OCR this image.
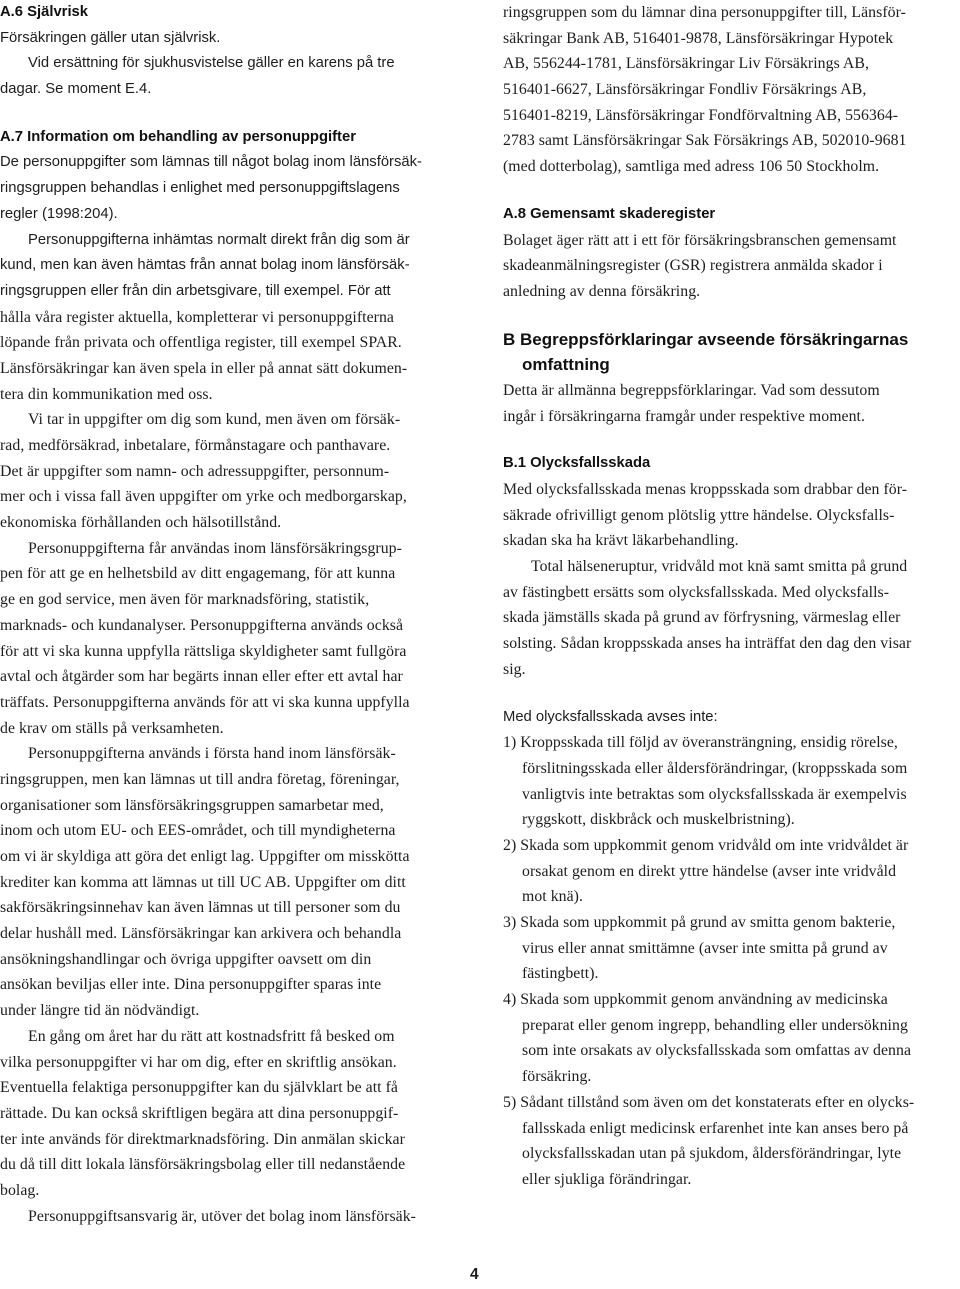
A.6 Självrisk
Försäkringen gäller utan självrisk.
Vid ersättning för sjukhusvistelse gäller en karens på tre
dagar. Se moment E.4.
A.7 Information om behandling av personuppgifter
De personuppgifter som lämnas till något bolag inom länsförsäk-
ringsgruppen behandlas i enlighet med personuppgiftslagens
regler (1998:204).
Personuppgifterna inhämtas normalt direkt från dig som är
kund, men kan även hämtas från annat bolag inom länsförsäk-
ringsgruppen eller från din arbetsgivare, till exempel. För att
hålla våra register aktuella, kompletterar vi personuppgifterna
löpande från privata och offentliga register, till exempel SPAR.
Länsförsäkringar kan även spela in eller på annat sätt dokumen-
tera din kommunikation med oss.
Vi tar in uppgifter om dig som kund, men även om försäk-
rad, medförsäkrad, inbetalare, förmånstagare och panthavare.
Det är uppgifter som namn- och adressuppgifter, personnum-
mer och i vissa fall även uppgifter om yrke och medborgarskap,
ekonomiska förhållanden och hälsotillstånd.
Personuppgifterna får användas inom länsförsäkringsgrup-
pen för att ge en helhetsbild av ditt engagemang, för att kunna
ge en god service, men även för marknadsföring, statistik,
marknads- och kundanalyser. Personuppgifterna används också
för att vi ska kunna uppfylla rättsliga skyldigheter samt fullgöra
avtal och åtgärder som har begärts innan eller efter ett avtal har
träffats. Personuppgifterna används för att vi ska kunna uppfylla
de krav om ställs på verksamheten.
Personuppgifterna används i första hand inom länsförsäk-
ringsgruppen, men kan lämnas ut till andra företag, föreningar,
organisationer som länsförsäkringsgruppen samarbetar med,
inom och utom EU- och EES-området, och till myndigheterna
om vi är skyldiga att göra det enligt lag. Uppgifter om misskötta
krediter kan komma att lämnas ut till UC AB. Uppgifter om ditt
sakförsäkringsinnehav kan även lämnas ut till personer som du
delar hushåll med. Länsförsäkringar kan arkivera och behandla
ansökningshandlingar och övriga uppgifter oavsett om din
ansökan beviljas eller inte. Dina personuppgifter sparas inte
under längre tid än nödvändigt.
En gång om året har du rätt att kostnadsfritt få besked om
vilka personuppgifter vi har om dig, efter en skriftlig ansökan.
Eventuella felaktiga personuppgifter kan du självklart be att få
rättade. Du kan också skriftligen begära att dina personuppgif-
ter inte används för direktmarknadsföring. Din anmälan skickar
du då till ditt lokala länsförsäkringsbolag eller till nedanstående
bolag.
Personuppgiftsansvarig är, utöver det bolag inom länsförsäk-
ringsgruppen som du lämnar dina personuppgifter till, Länsför-
säkringar Bank AB, 516401-9878, Länsförsäkringar Hypotek
AB, 556244-1781, Länsförsäkringar Liv Försäkrings AB,
516401-6627, Länsförsäkringar Fondliv Försäkrings AB,
516401-8219, Länsförsäkringar Fondförvaltning AB, 556364-
2783 samt Länsförsäkringar Sak Försäkrings AB, 502010-9681
(med dotterbolag), samtliga med adress 106 50 Stockholm.
A.8 Gemensamt skaderegister
Bolaget äger rätt att i ett för försäkringsbranschen gemensamt
skadeanmälningsregister (GSR) registrera anmälda skador i
anledning av denna försäkring.
B Begreppsförklaringar avseende försäkringarnas
omfattning
Detta är allmänna begreppsförklaringar. Vad som dessutom
ingår i försäkringarna framgår under respektive moment.
B.1 Olycksfallsskada
Med olycksfallsskada menas kroppsskada som drabbar den för-
säkrade ofrivilligt genom plötslig yttre händelse. Olycksfalls-
skadan ska ha krävt läkarbehandling.
Total hälseneruptur, vridvåld mot knä samt smitta på grund
av fästingbett ersätts som olycksfallsskada. Med olycksfalls-
skada jämställs skada på grund av förfrysning, värmeslag eller
solsting. Sådan kroppsskada anses ha inträffat den dag den visar
sig.
Med olycksfallsskada avses inte:
1) Kroppsskada till följd av överansträngning, ensidig rörelse,
förslitningsskada eller åldersförändringar, (kroppsskada som
vanligtvis inte betraktas som olycksfallsskada är exempelvis
ryggskott, diskbråck och muskelbristning).
2) Skada som uppkommit genom vridvåld om inte vridvåldet är
orsakat genom en direkt yttre händelse (avser inte vridvåld
mot knä).
3) Skada som uppkommit på grund av smitta genom bakterie,
virus eller annat smittämne (avser inte smitta på grund av
fästingbett).
4) Skada som uppkommit genom användning av medicinska
preparat eller genom ingrepp, behandling eller undersökning
som inte orsakats av olycksfallsskada som omfattas av denna
försäkring.
5) Sådant tillstånd som även om det konstaterats efter en olycks-
fallsskada enligt medicinsk erfarenhet inte kan anses bero på
olycksfallsskadan utan på sjukdom, åldersförändringar, lyte
eller sjukliga förändringar.
4
